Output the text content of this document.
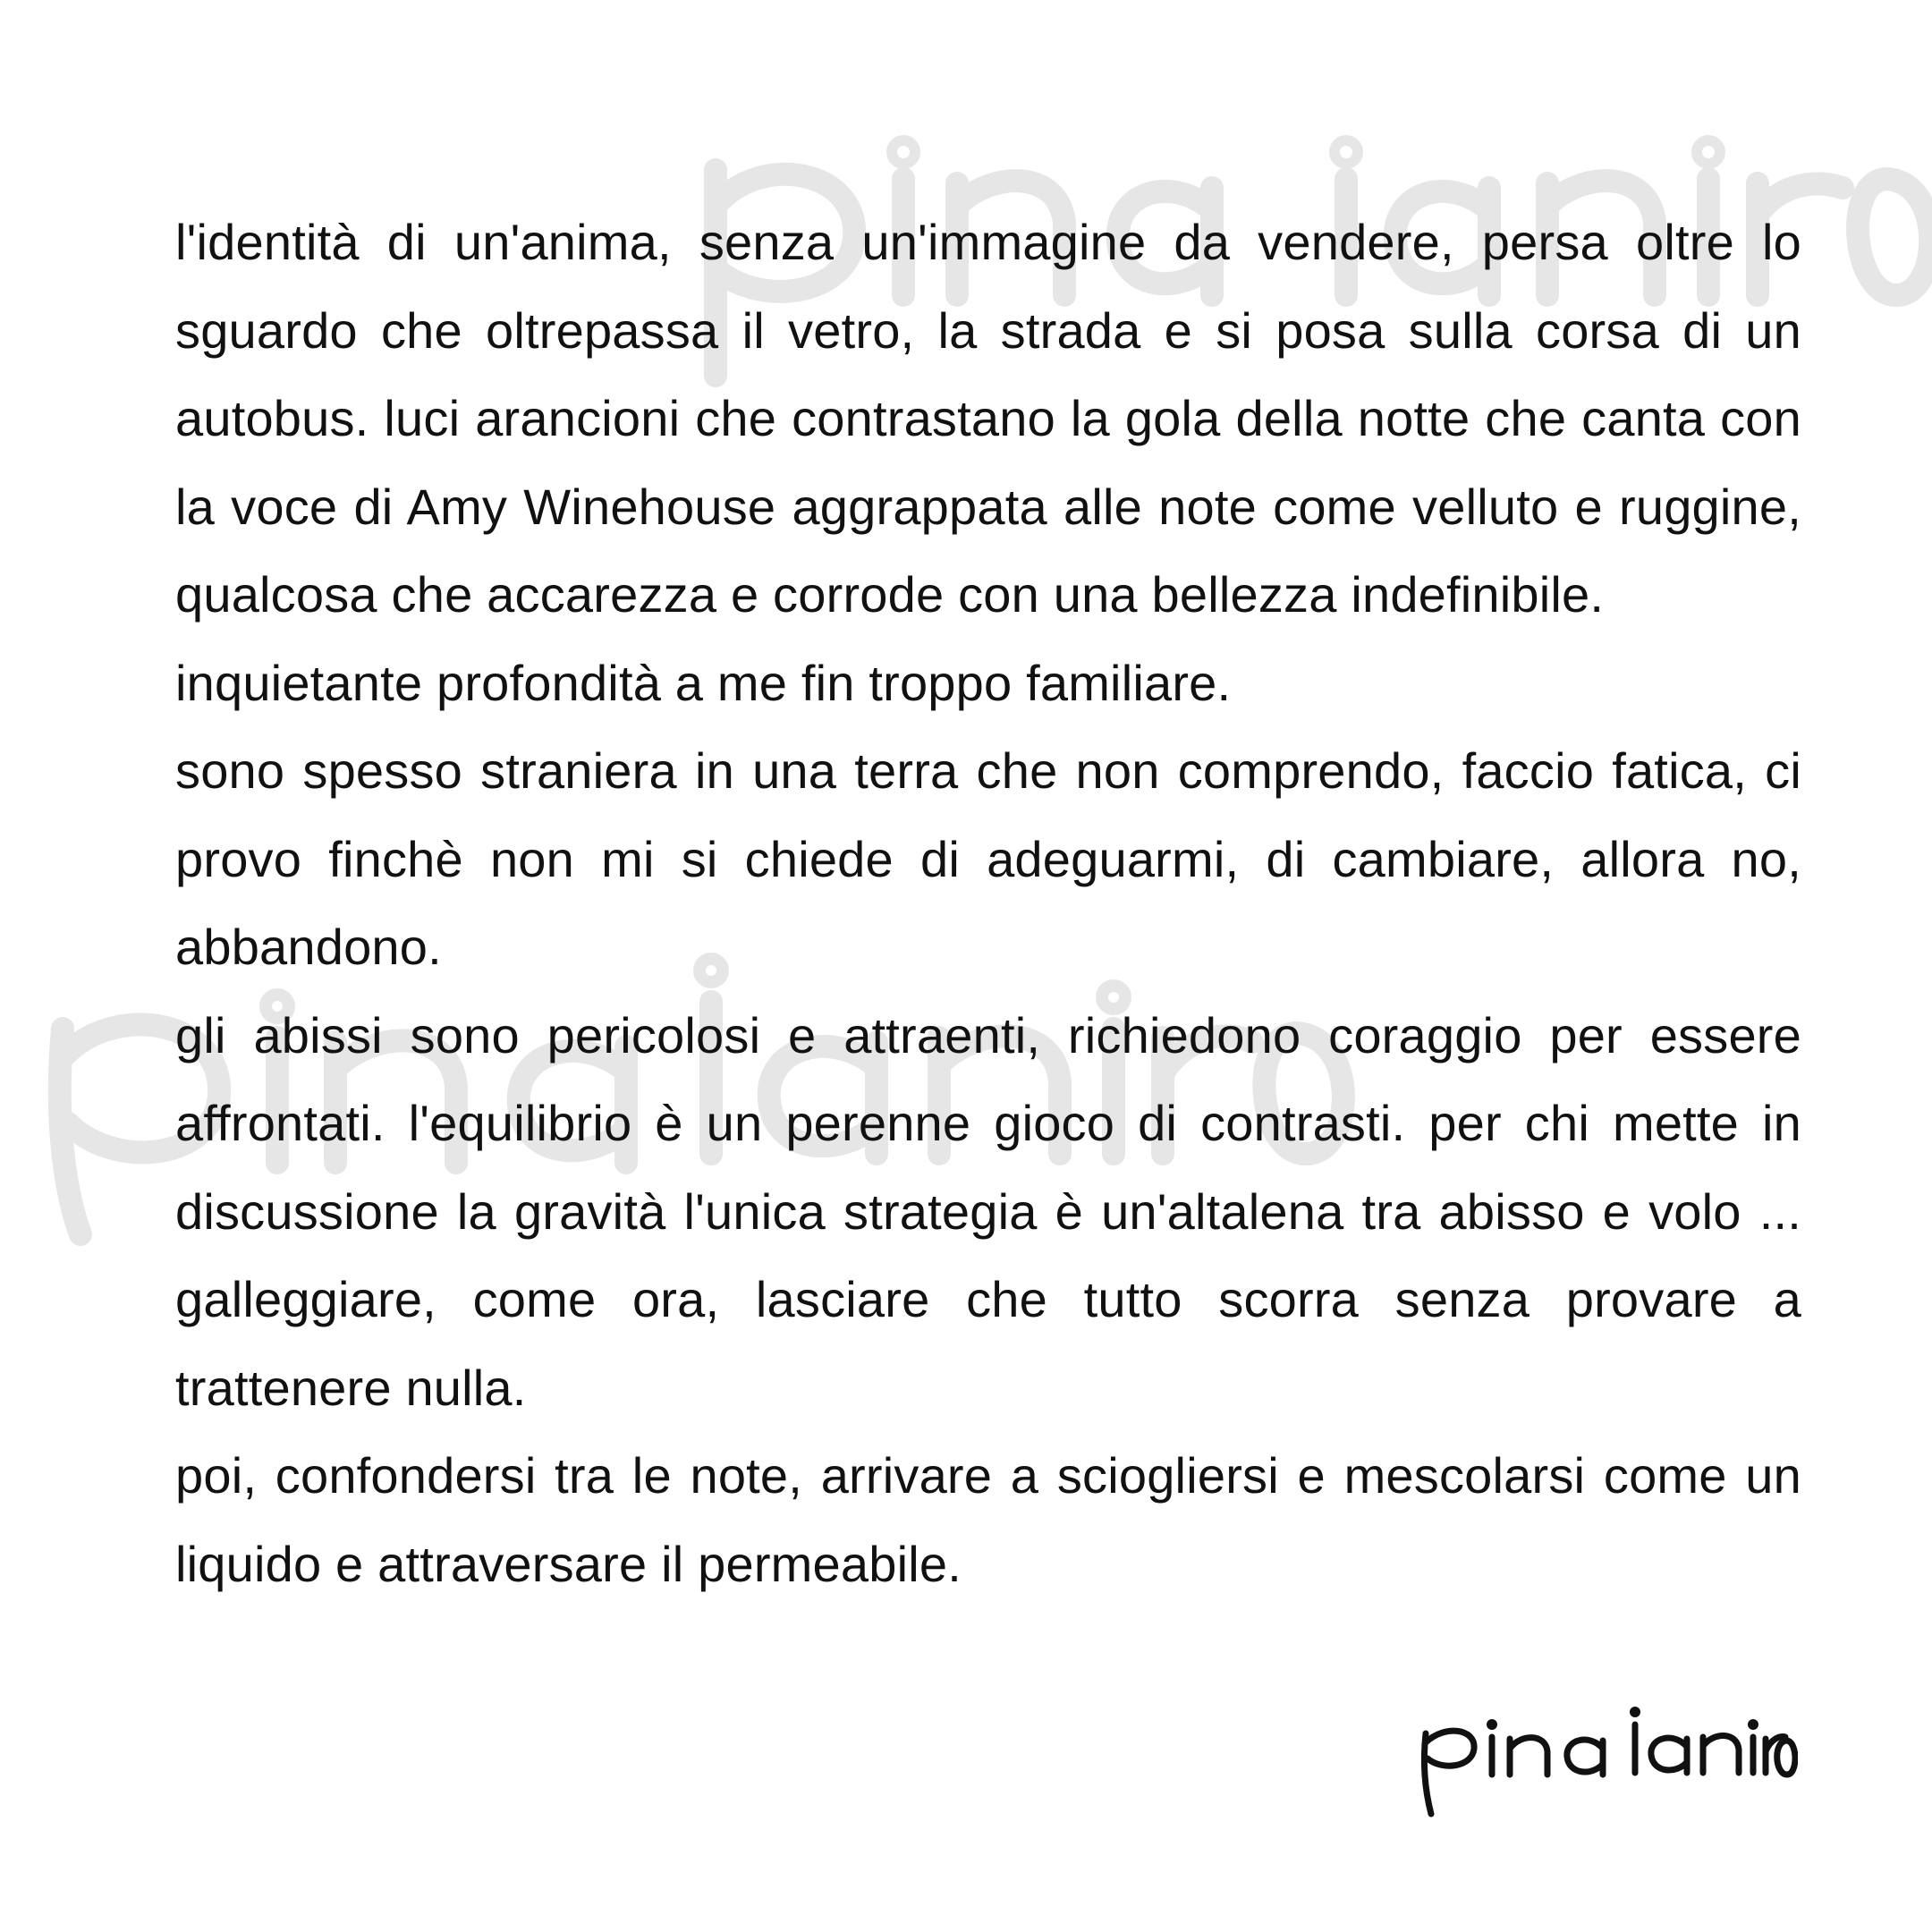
l'identità di un'anima, senza un'immagine da vendere, persa oltre lo sguardo che oltrepassa il vetro, la strada e si posa sulla corsa di un autobus. luci arancioni che contrastano la gola della notte che canta con la voce di Amy Winehouse aggrappata alle note come velluto e ruggine, qualcosa che accarezza e corrode con una bellezza indefinibile.

inquietante profondità a me fin troppo familiare.

sono spesso straniera in una terra che non comprendo, faccio fatica, ci provo finchè non mi si chiede di adeguarmi, di cambiare, allora no, abbandono.

gli abissi sono pericolosi e attraenti, richiedono coraggio per essere affrontati. l'equilibrio è un perenne gioco di contrasti. per chi mette in discussione la gravità l'unica strategia è un'altalena tra abisso e volo ... galleggiare, come ora, lasciare che tutto scorra senza provare a trattenere nulla.

poi, confondersi tra le note, arrivare a sciogliersi e mescolarsi come un liquido e attraversare il permeabile.
